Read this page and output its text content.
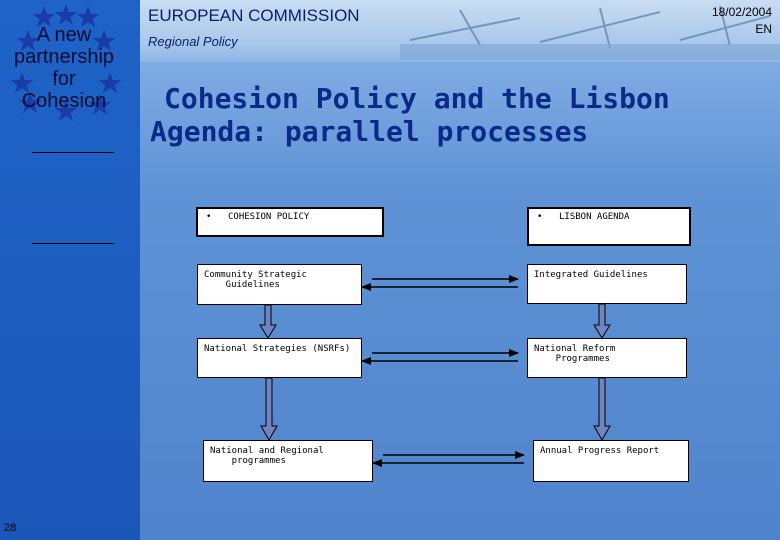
A new
partnership
for
Cohesion
28
EUROPEAN COMMISSION
Regional Policy
18/02/2004
EN
Cohesion Policy and the Lisbon
Agenda: parallel processes
• COHESION POLICY	• LISBON AGENDA
Community Strategic
Guidelines
National Strategies (NSRFs)
National and Regional
programmes
Integrated Guidelines
National Reform
Programmes
Annual Progress Report
